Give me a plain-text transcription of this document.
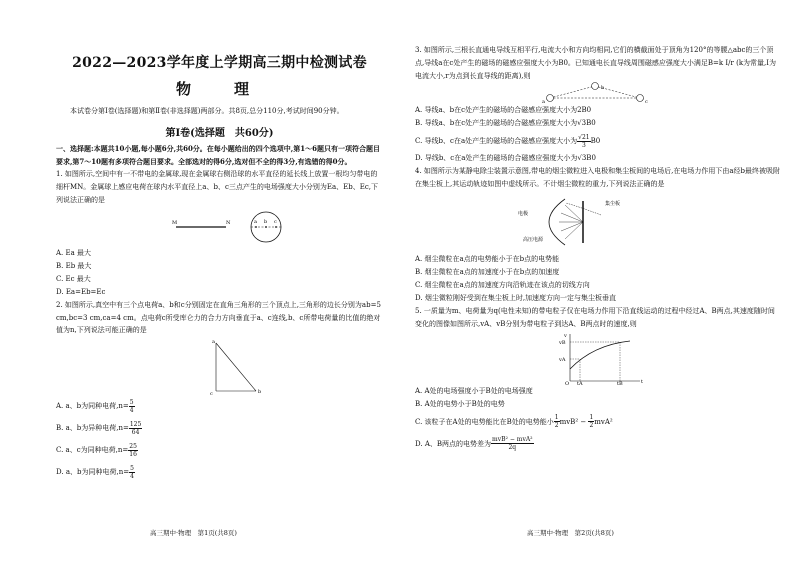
2022—2023学年度上学期高三期中检测试卷

物　理

本试卷分第Ⅰ卷(选择题)和第Ⅱ卷(非选择题)两部分。共8页,总分110分,考试时间90分钟。

第Ⅰ卷(选择题　共60分)

一、选择题:本题共10小题,每小题6分,共60分。在每小题给出的四个选项中,第1～6题只有一项符合题目要求,第7～10题有多项符合题目要求。全部选对的得6分,选对但不全的得3分,有选错的得0分。

1. 如图所示,空间中有一不带电的金属球,现在金属球右侧沿球的水平直径的延长线上放置一根均匀带电的细杆MN。金属球上感应电荷在球内水平直径上a、b、c三点产生的电场强度大小分别为Ea、Eb、Ec,下列说法正确的是

a b c
M	N

A. Ea 最大

B. Eb 最大

C. Ec 最大

D. Ea=Eb=Ec

2. 如图所示,真空中有三个点电荷a、b和c分别固定在直角三角形的三个顶点上,三角形的边长分别为ab=5 cm,bc=3 cm,ca=4 cm。点电荷c所受库仑力的合力方向垂直于a、c连线,b、c所带电荷量的比值的绝对值为n,下列说法可能正确的是

a
b
c

A. a、b为同种电荷$,n= \frac{5}{4}$

B. a、b为异种电荷$,n= \frac{125}{64}$

C. a、c为同种电荷$,n= \frac{25}{16}$

D. a、b为同种电荷$,n= \frac{5}{4}$

高三期中·物理　第1页(共8页)

3. 如图所示,三根长直通电导线互相平行,电流大小和方向均相同,它们的横截面处于顶角为120°的等腰△abc的三个顶点,导线a在c处产生的磁场的磁感应强度大小为B0。已知通电长直导线周围磁感应强度大小满足B=k I/r (k为常量,I为电流大小,r为点到长直导线的距离),则

a
b
c

A. 导线a、b在c处产生的磁场的合磁感应强度大小为2B0

B. 导线a、b在c处产生的磁场的合磁感应强度大小为√3B0

C. 导线b、c在a处产生的磁场的合磁感应强度大小为 $\frac{√21}{3} B0$

D. 导线b、c在a处产生的磁场的合磁感应强度大小为√3B0

4. 如图所示为某静电除尘装置示意图,带电的烟尘微粒进入电极和集尘板间的电场后,在电场力作用下由a经b最终被吸附在集尘板上,其运动轨迹如图中虚线所示。不计烟尘微粒的重力,下列说法正确的是

电极
集尘板
高压电源

A. 烟尘微粒在a点的电势能小于在b点的电势能

B. 烟尘微粒在a点的加速度小于在b点的加速度

C. 烟尘微粒在a点的加速度方向沿轨迹在该点的切线方向

D. 烟尘微粒刚好受到在集尘板上时,加速度方向一定与集尘板垂直

5. 一质量为m、电荷量为q(电性未知)的带电粒子仅在电场力作用下沿直线运动的过程中经过A、B两点,其速度随时间变化的图像如图所示,vA、vB分别为带电粒子到达A、B两点时的速度,则

v
vB
vA
O tA	tB	t

A. A处的电场强度小于B处的电场强度

B. A处的电势小于B处的电势

C. 该粒子在A处的电势能比在B处的电势能小 $\frac{1}{2} mvB^2 - \frac{1}{2} mvA^2$

D. A、B两点的电势差为 $\frac{\text{mvB² − mvA²}}{2q}$

高三期中·物理　第2页(共8页)
